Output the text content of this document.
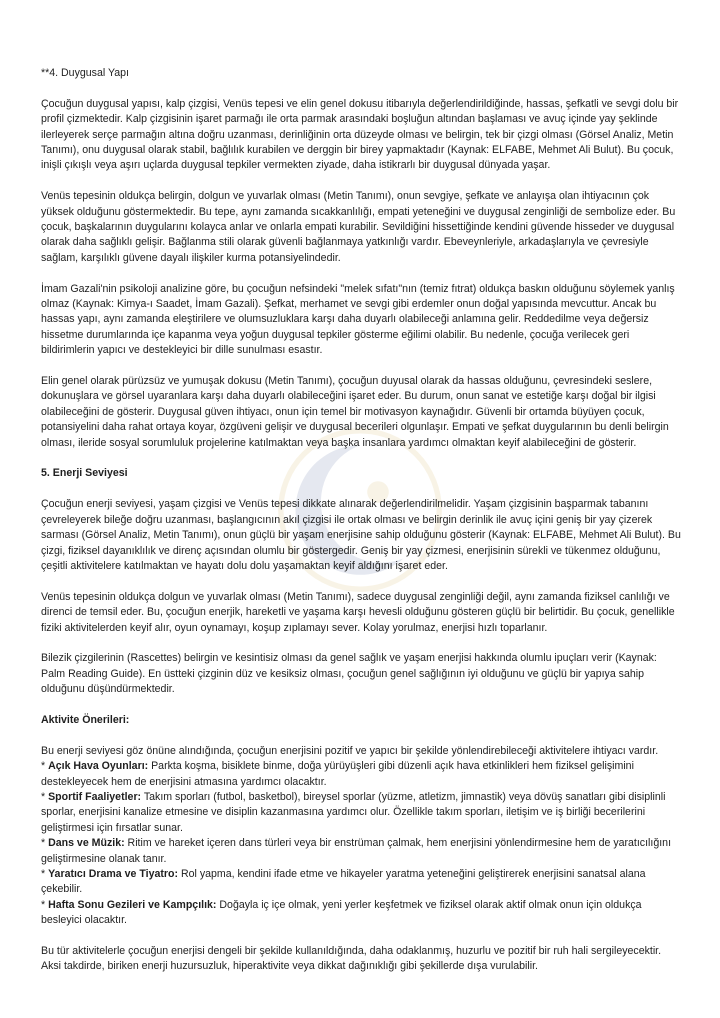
**4. Duygusal Yapı

Çocuğun duygusal yapısı, kalp çizgisi, Venüs tepesi ve elin genel dokusu itibarıyla değerlendirildiğinde, hassas, şefkatli ve sevgi dolu bir profil çizmektedir. Kalp çizgisinin işaret parmağı ile orta parmak arasındaki boşluğun altından başlaması ve avuç içinde yay şeklinde ilerleyerek serçe parmağın altına doğru uzanması, derinliğinin orta düzeyde olması ve belirgin, tek bir çizgi olması (Görsel Analiz, Metin Tanımı), onu duygusal olarak stabil, bağlılık kurabilen ve derggin bir birey yapmaktadır (Kaynak: ELFABE, Mehmet Ali Bulut). Bu çocuk, inişli çıkışlı veya aşırı uçlarda duygusal tepkiler vermekten ziyade, daha istikrarlı bir duygusal dünyada yaşar.

Venüs tepesinin oldukça belirgin, dolgun ve yuvarlak olması (Metin Tanımı), onun sevgiye, şefkate ve anlayışa olan ihtiyacının çok yüksek olduğunu göstermektedir. Bu tepe, aynı zamanda sıcakkanlılığı, empati yeteneğini ve duygusal zenginliği de sembolize eder. Bu çocuk, başkalarının duygularını kolayca anlar ve onlarla empati kurabilir. Sevildiğini hissettiğinde kendini güvende hisseder ve duygusal olarak daha sağlıklı gelişir. Bağlanma stili olarak güvenli bağlanmaya yatkınlığı vardır. Ebeveynleriyle, arkadaşlarıyla ve çevresiyle sağlam, karşılıklı güvene dayalı ilişkiler kurma potansiyelindedir.

İmam Gazali'nin psikoloji analizine göre, bu çocuğun nefsindeki "melek sıfatı"nın (temiz fıtrat) oldukça baskın olduğunu söylemek yanlış olmaz (Kaynak: Kimya-ı Saadet, İmam Gazali). Şefkat, merhamet ve sevgi gibi erdemler onun doğal yapısında mevcuttur. Ancak bu hassas yapı, aynı zamanda eleştirilere ve olumsuzluklara karşı daha duyarlı olabileceği anlamına gelir. Reddedilme veya değersiz hissetme durumlarında içe kapanma veya yoğun duygusal tepkiler gösterme eğilimi olabilir. Bu nedenle, çocuğa verilecek geri bildirimlerin yapıcı ve destekleyici bir dille sunulması esastır.

Elin genel olarak pürüzsüz ve yumuşak dokusu (Metin Tanımı), çocuğun duyusal olarak da hassas olduğunu, çevresindeki seslere, dokunuşlara ve görsel uyaranlara karşı daha duyarlı olabileceğini işaret eder. Bu durum, onun sanat ve estetiğe karşı doğal bir ilgisi olabileceğini de gösterir. Duygusal güven ihtiyacı, onun için temel bir motivasyon kaynağıdır. Güvenli bir ortamda büyüyen çocuk, potansiyelini daha rahat ortaya koyar, özgüveni gelişir ve duygusal becerileri olgunlaşır. Empati ve şefkat duygularının bu denli belirgin olması, ileride sosyal sorumluluk projelerine katılmaktan veya başka insanlara yardımcı olmaktan keyif alabileceğini de gösterir.

5. Enerji Seviyesi

Çocuğun enerji seviyesi, yaşam çizgisi ve Venüs tepesi dikkate alınarak değerlendirilmelidir. Yaşam çizgisinin başparmak tabanını çevreleyerek bileğe doğru uzanması, başlangıcının akıl çizgisi ile ortak olması ve belirgin derinlik ile avuç içini geniş bir yay çizerek sarması (Görsel Analiz, Metin Tanımı), onun güçlü bir yaşam enerjisine sahip olduğunu gösterir (Kaynak: ELFABE, Mehmet Ali Bulut). Bu çizgi, fiziksel dayanıklılık ve direnç açısından olumlu bir göstergedir. Geniş bir yay çizmesi, enerjisinin sürekli ve tükenmez olduğunu, çeşitli aktivitelere katılmaktan ve hayatı dolu dolu yaşamaktan keyif aldığını işaret eder.

Venüs tepesinin oldukça dolgun ve yuvarlak olması (Metin Tanımı), sadece duygusal zenginliği değil, aynı zamanda fiziksel canlılığı ve direnci de temsil eder. Bu, çocuğun enerjik, hareketli ve yaşama karşı hevesli olduğunu gösteren güçlü bir belirtidir. Bu çocuk, genellikle fiziki aktivitelerden keyif alır, oyun oynamayı, koşup zıplamayı sever. Kolay yorulmaz, enerjisi hızlı toparlanır.

Bilezik çizgilerinin (Rascettes) belirgin ve kesintisiz olması da genel sağlık ve yaşam enerjisi hakkında olumlu ipuçları verir (Kaynak: Palm Reading Guide). En üstteki çizginin düz ve kesiksiz olması, çocuğun genel sağlığının iyi olduğunu ve güçlü bir yapıya sahip olduğunu düşündürmektedir.

Aktivite Önerileri:

Bu enerji seviyesi göz önüne alındığında, çocuğun enerjisini pozitif ve yapıcı bir şekilde yönlendirebileceği aktivitelere ihtiyacı vardır.

* Açık Hava Oyunları: Parkta koşma, bisiklete binme, doğa yürüyüşleri gibi düzenli açık hava etkinlikleri hem fiziksel gelişimini destekleyecek hem de enerjisini atmasına yardımcı olacaktır.

* Sportif Faaliyetler: Takım sporları (futbol, basketbol), bireysel sporlar (yüzme, atletizm, jimnastik) veya dövüş sanatları gibi disiplinli sporlar, enerjisini kanalize etmesine ve disiplin kazanmasına yardımcı olur. Özellikle takım sporları, iletişim ve iş birliği becerilerini geliştirmesi için fırsatlar sunar.

* Dans ve Müzik: Ritim ve hareket içeren dans türleri veya bir enstrüman çalmak, hem enerjisini yönlendirmesine hem de yaratıcılığını geliştirmesine olanak tanır.

* Yaratıcı Drama ve Tiyatro: Rol yapma, kendini ifade etme ve hikayeler yaratma yeteneğini geliştirerek enerjisini sanatsal alana çekebilir.

* Hafta Sonu Gezileri ve Kampçılık: Doğayla iç içe olmak, yeni yerler keşfetmek ve fiziksel olarak aktif olmak onun için oldukça besleyici olacaktır.

Bu tür aktivitelerle çocuğun enerjisi dengeli bir şekilde kullanıldığında, daha odaklanmış, huzurlu ve pozitif bir ruh hali sergileyecektir. Aksi takdirde, biriken enerji huzursuzluk, hiperaktivite veya dikkat dağınıklığı gibi şekillerde dışa vurulabilir.
